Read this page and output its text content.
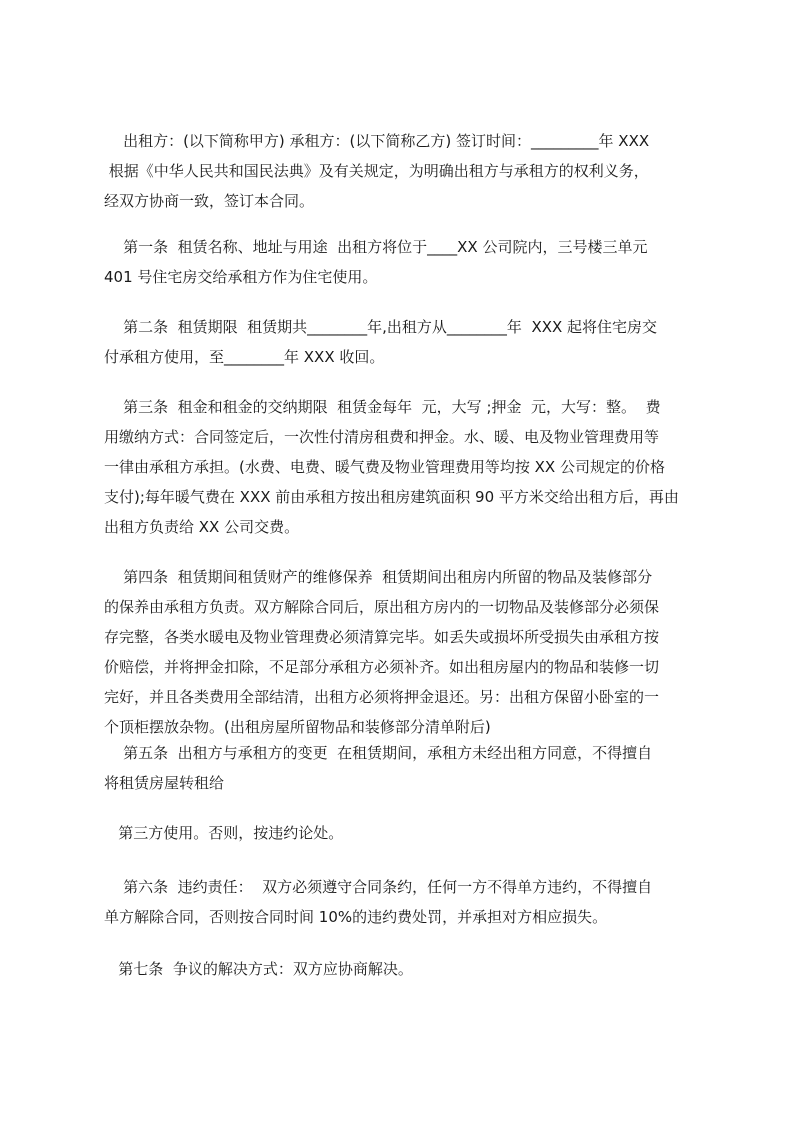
出租方：(以下简称甲方) 承租方：(以下简称乙方) 签订时间：_________年 XXX
根据《中华人民共和国民法典》及有关规定，为明确出租方与承租方的权利义务，
经双方协商一致，签订本合同。
第一条  租赁名称、地址与用途  出租方将位于____XX 公司院内，三号楼三单元
401 号住宅房交给承租方作为住宅使用。
第二条  租赁期限  租赁期共________年,出租方从________年  XXX 起将住宅房交
付承租方使用，至________年 XXX 收回。
第三条  租金和租金的交纳期限  租赁金每年  元，大写 ;押金  元，大写：整。  费
用缴纳方式：合同签定后，一次性付清房租费和押金。水、暖、电及物业管理费用等
一律由承租方承担。(水费、电费、暖气费及物业管理费用等均按 XX 公司规定的价格
支付);每年暖气费在 XXX 前由承租方按出租房建筑面积 90 平方米交给出租方后，再由
出租方负责给 XX 公司交费。
第四条  租赁期间租赁财产的维修保养  租赁期间出租房内所留的物品及装修部分
的保养由承租方负责。双方解除合同后，原出租方房内的一切物品及装修部分必须保
存完整，各类水暖电及物业管理费必须清算完毕。如丢失或损坏所受损失由承租方按
价赔偿，并将押金扣除，不足部分承租方必须补齐。如出租房屋内的物品和装修一切
完好，并且各类费用全部结清，出租方必须将押金退还。另：出租方保留小卧室的一
个顶柜摆放杂物。(出租房屋所留物品和装修部分清单附后)
第五条  出租方与承租方的变更  在租赁期间，承租方未经出租方同意，不得擅自
将租赁房屋转租给
第三方使用。否则，按违约论处。
第六条  违约责任：  双方必须遵守合同条约，任何一方不得单方违约，不得擅自
单方解除合同，否则按合同时间 10%的违约费处罚，并承担对方相应损失。
第七条  争议的解决方式：双方应协商解决。
